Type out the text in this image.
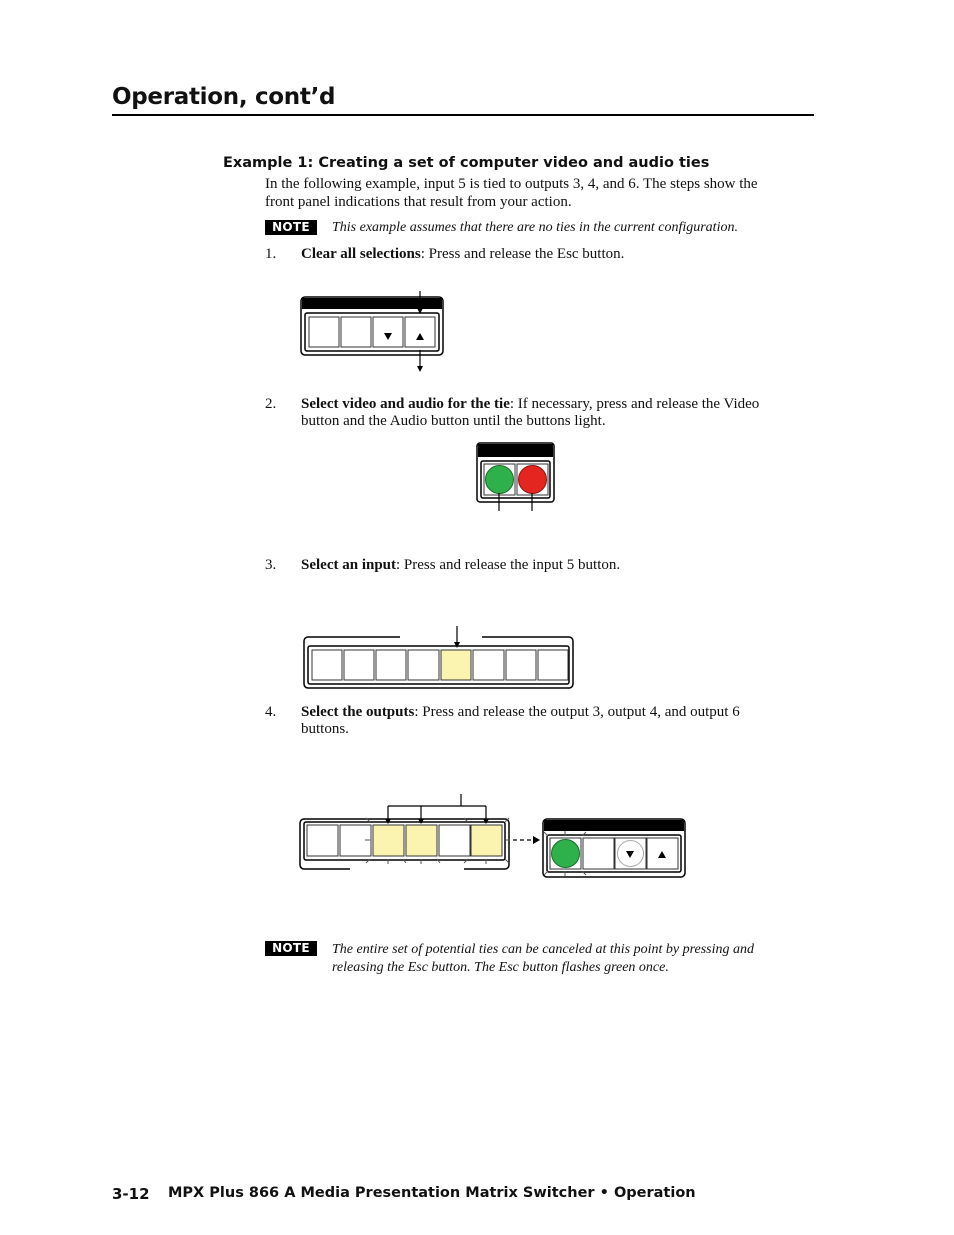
Operation, cont’d
Example 1: Creating a set of computer video and audio ties
In the following example, input 5 is tied to outputs 3, 4, and 6. The steps show the
front panel indications that result from your action.
NOTE	This example assumes that there are no ties in the current configuration.
1. Clear all selections: Press and release the Esc button.
2. Select video and audio for the tie: If necessary, press and release the Video
button and the Audio button until the buttons light.
3. Select an input: Press and release the input 5 button.
4. Select the outputs: Press and release the output 3, output 4, and output 6
buttons.
NOTE	The entire set of potential ties can be canceled at this point by pressing and
releasing the Esc button. The Esc button flashes green once.
3-12 MPX Plus 866 A Media Presentation Matrix Switcher • Operation
